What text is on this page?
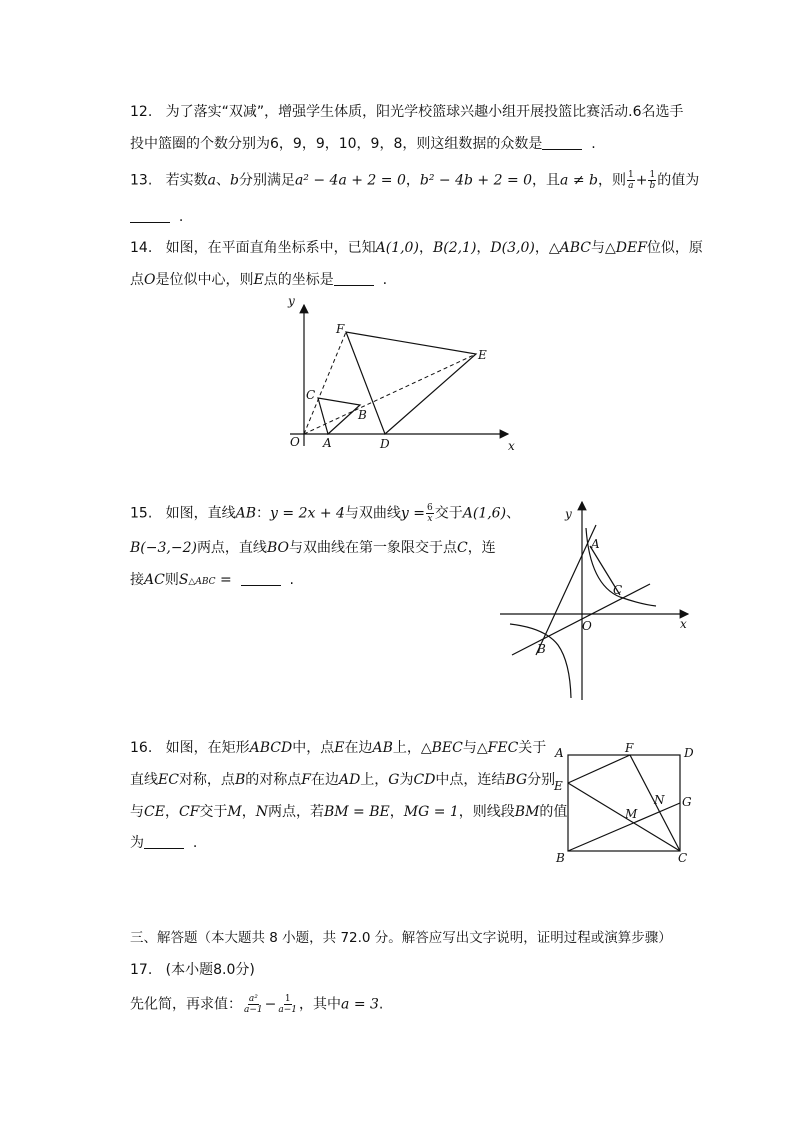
12. 为了落实“双减”，增强学生体质，阳光学校篮球兴趣小组开展投篮比赛活动.6名选手
投中篮圈的个数分别为6，9，9，10，9，8，则这组数据的众数是	.
13. 若实数a、b分别满足a² − 4a + 2 = 0，b² − 4b + 2 = 0，且a ≠ b，则 $\frac{1}{a} + \frac{1}{b}$ 的值为
.
14. 如图，在平面直角坐标系中，已知A(1,0)，B(2,1)，D(3,0)，△ABC与△DEF位似，原
点O是位似中心，则E点的坐标是	.
y
x
O A
B
C
D
E
F
15. 如图，直线AB：y = 2x + 4与双曲线$y = \frac{6}{x}$ 交于A(1,6)、
B(−3,−2)两点，直线BO与双曲线在第一象限交于点C，连
接AC则S△ABC =	.
y
x
O
A
B
C
16. 如图，在矩形ABCD中，点E在边AB上，△BEC与△FEC关于
直线EC对称，点B的对称点F在边AD上，G为CD中点，连结BG分别
与CE，CF交于M，N两点，若BM = BE，MG = 1，则线段BM的值
为	.
A	F	D
E
G
N
M
B	C
三、解答题（本大题共 8 小题，共 72.0 分。解答应写出文字说明，证明过程或演算步骤）
17. (本小题8.0分)
先化简，再求值： $\frac{\text{a²}}{a-1} - \frac{1}{a-1}$ ，其中a = 3.
